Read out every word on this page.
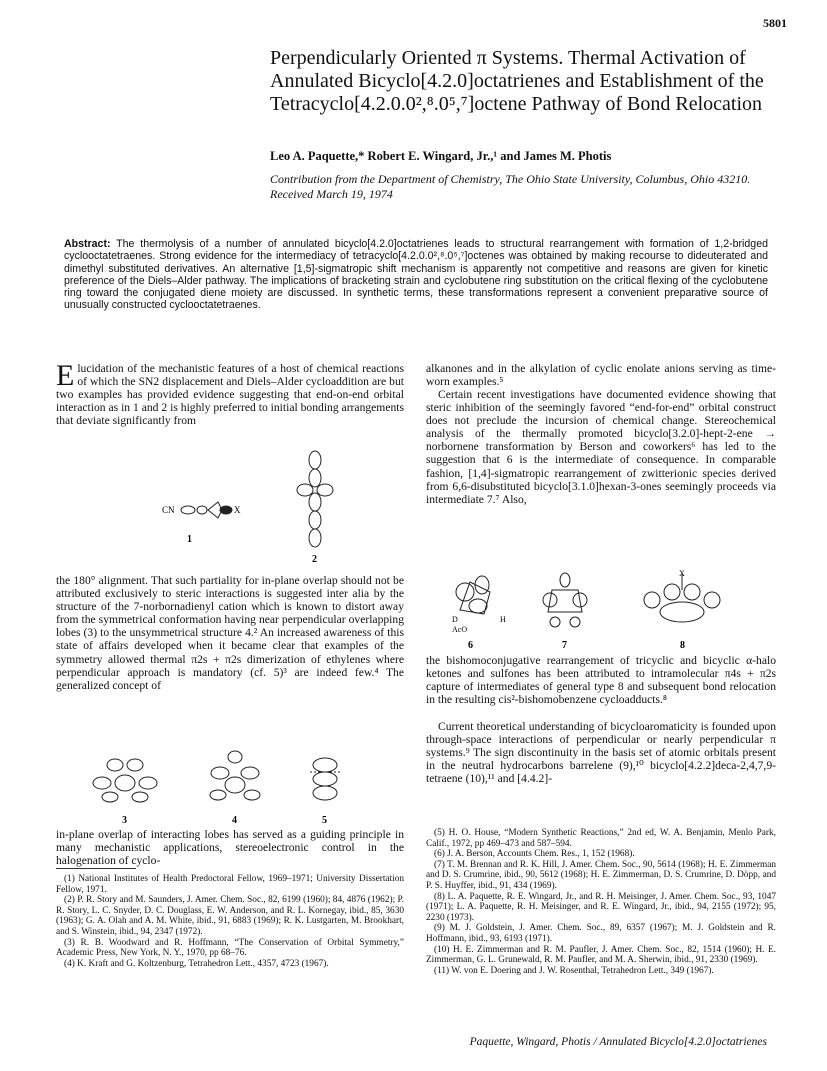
5801
Perpendicularly Oriented π Systems. Thermal Activation of Annulated Bicyclo[4.2.0]octatrienes and Establishment of the Tetracyclo[4.2.0.0²,⁸.0⁵,⁷]octene Pathway of Bond Relocation
Leo A. Paquette,* Robert E. Wingard, Jr.,¹ and James M. Photis
Contribution from the Department of Chemistry, The Ohio State University, Columbus, Ohio 43210. Received March 19, 1974
Abstract: The thermolysis of a number of annulated bicyclo[4.2.0]octatrienes leads to structural rearrangement with formation of 1,2-bridged cyclooctatetraenes. Strong evidence for the intermediacy of tetracyclo[4.2.0.0²,⁸.0⁵,⁷]octenes was obtained by making recourse to dideuterated and dimethyl substituted derivatives. An alternative [1,5]-sigmatropic shift mechanism is apparently not competitive and reasons are given for kinetic preference of the Diels–Alder pathway. The implications of bracketing strain and cyclobutene ring substitution on the critical flexing of the cyclobutene ring toward the conjugated diene moiety are discussed. In synthetic terms, these transformations represent a convenient preparative source of unusually constructed cyclooctatetraenes.
Elucidation of the mechanistic features of a host of chemical reactions of which the SN2 displacement and Diels–Alder cycloaddition are but two examples has provided evidence suggesting that end-on-end orbital interaction as in 1 and 2 is highly preferred to initial bonding arrangements that deviate significantly from
CN	X
1
2
the 180° alignment. That such partiality for in-plane overlap should not be attributed exclusively to steric interactions is suggested inter alia by the structure of the 7-norbornadienyl cation which is known to distort away from the symmetrical conformation having near perpendicular overlapping lobes (3) to the unsymmetrical structure 4.² An increased awareness of this state of affairs developed when it became clear that examples of the symmetry allowed thermal π2s + π2s dimerization of ethylenes where perpendicular approach is mandatory (cf. 5)³ are indeed few.⁴ The generalized concept of
3	4	5
in-plane overlap of interacting lobes has served as a guiding principle in many mechanistic applications, stereoelectronic control in the halogenation of cyclo-

(1) National Institutes of Health Predoctoral Fellow, 1969–1971; University Dissertation Fellow, 1971.

(2) P. R. Story and M. Saunders, J. Amer. Chem. Soc., 82, 6199 (1960); 84, 4876 (1962); P. R. Story, L. C. Snyder, D. C. Douglass, E. W. Anderson, and R. L. Kornegay, ibid., 85, 3630 (1963); G. A. Olah and A. M. White, ibid., 91, 6883 (1969); R. K. Lustgarten, M. Brookhart, and S. Winstein, ibid., 94, 2347 (1972).

(3) R. B. Woodward and R. Hoffmann, “The Conservation of Orbital Symmetry,” Academic Press, New York, N. Y., 1970, pp 68–76.

(4) K. Kraft and G. Koltzenburg, Tetrahedron Lett., 4357, 4723 (1967).

alkanones and in the alkylation of cyclic enolate anions serving as time-worn examples.⁵
Certain recent investigations have documented evidence showing that steric inhibition of the seemingly favored “end-for-end” orbital construct does not preclude the incursion of chemical change. Stereochemical analysis of the thermally promoted bicyclo[3.2.0]-hept-2-ene → norbornene transformation by Berson and coworkers⁶ has led to the suggestion that 6 is the intermediate of consequence. In comparable fashion, [1,4]-sigmatropic rearrangement of zwitterionic species derived from 6,6-disubstituted bicyclo[3.1.0]hexan-3-ones seemingly proceeds via intermediate 7.⁷ Also,
D
AcO
H
6	7
X
8
the bishomoconjugative rearrangement of tricyclic and bicyclic α-halo ketones and sulfones has been attributed to intramolecular π4s + π2s capture of intermediates of general type 8 and subsequent bond relocation in the resulting cis²-bishomobenzene cycloadducts.⁸
Current theoretical understanding of bicycloaromaticity is founded upon through-space interactions of perpendicular or nearly perpendicular π systems.⁹ The sign discontinuity in the basis set of atomic orbitals present in the neutral hydrocarbons barrelene (9),¹⁰ bicyclo[4.2.2]deca-2,4,7,9-tetraene (10),¹¹ and [4.4.2]-

(5) H. O. House, “Modern Synthetic Reactions,” 2nd ed, W. A. Benjamin, Menlo Park, Calif., 1972, pp 469–473 and 587–594.

(6) J. A. Berson, Accounts Chem. Res., 1, 152 (1968).

(7) T. M. Brennan and R. K. Hill, J. Amer. Chem. Soc., 90, 5614 (1968); H. E. Zimmerman and D. S. Crumrine, ibid., 90, 5612 (1968); H. E. Zimmerman, D. S. Crumrine, D. Döpp, and P. S. Huyffer, ibid., 91, 434 (1969).

(8) L. A. Paquette, R. E. Wingard, Jr., and R. H. Meisinger, J. Amer. Chem. Soc., 93, 1047 (1971); L. A. Paquette, R. H. Meisinger, and R. E. Wingard, Jr., ibid., 94, 2155 (1972); 95, 2230 (1973).

(9) M. J. Goldstein, J. Amer. Chem. Soc., 89, 6357 (1967); M. J. Goldstein and R. Hoffmann, ibid., 93, 6193 (1971).

(10) H. E. Zimmerman and R. M. Paufler, J. Amer. Chem. Soc., 82, 1514 (1960); H. E. Zimmerman, G. L. Grunewald, R. M. Paufler, and M. A. Sherwin, ibid., 91, 2330 (1969).

(11) W. von E. Doering and J. W. Rosenthal, Tetrahedron Lett., 349 (1967).

Paquette, Wingard, Photis / Annulated Bicyclo[4.2.0]octatrienes
